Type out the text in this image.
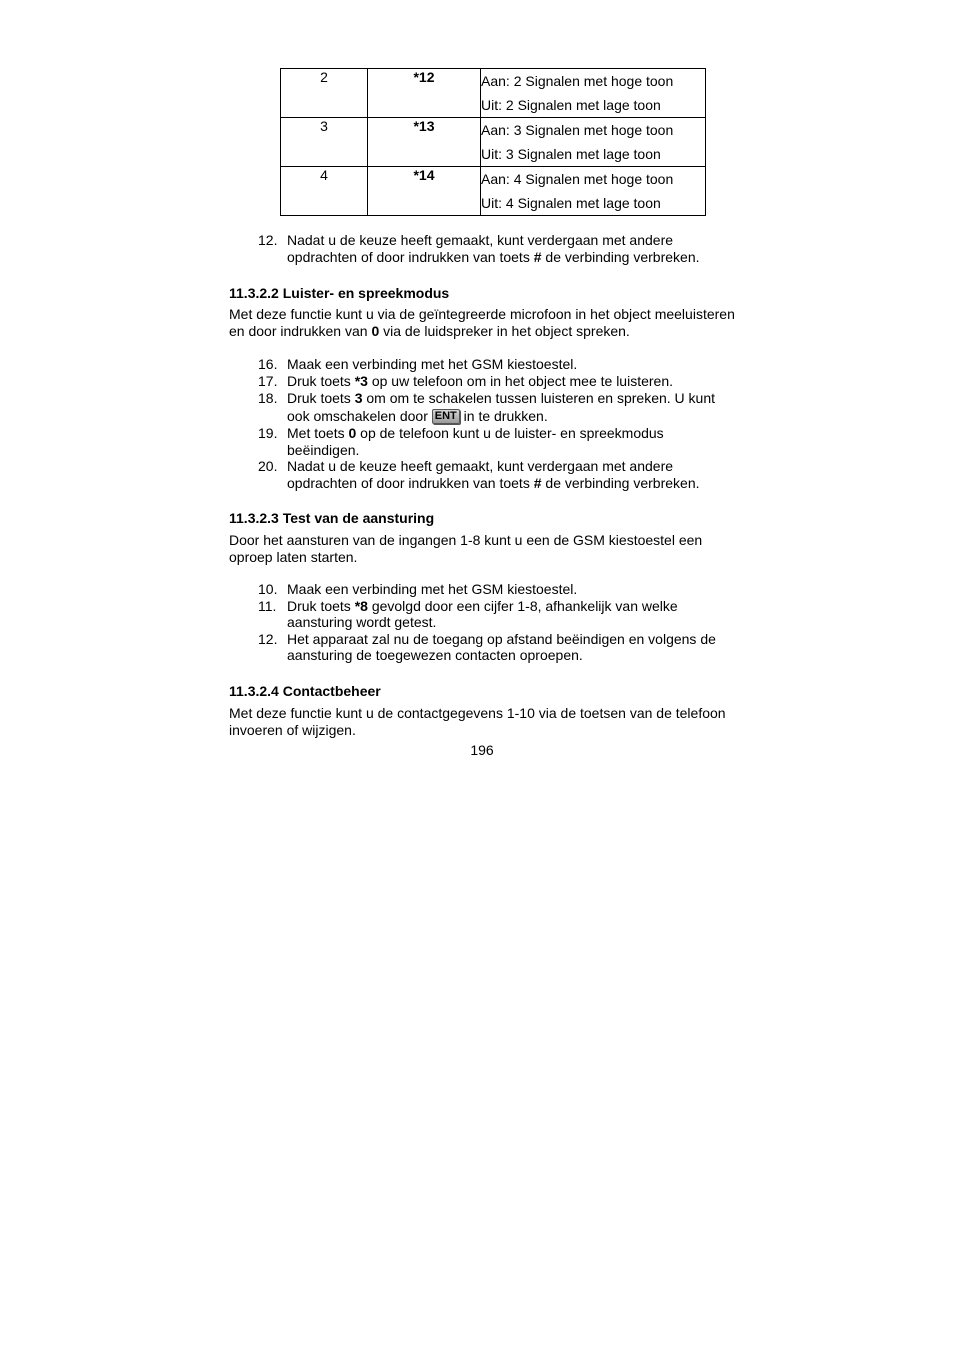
2	*12	Aan: 2 Signalen met hoge toon
Uit: 2 Signalen met lage toon

3	*13	Aan: 3 Signalen met hoge toon
Uit: 3 Signalen met lage toon

4	*14	Aan: 4 Signalen met hoge toon
Uit: 4 Signalen met lage toon
12. Nadat u de keuze heeft gemaakt, kunt verdergaan met andere opdrachten of door indrukken van toets # de verbinding verbreken.
11.3.2.2 Luister- en spreekmodus
Met deze functie kunt u via de geïntegreerde microfoon in het object meeluisteren en door indrukken van 0 via de luidspreker in het object spreken.
16. Maak een verbinding met het GSM kiestoestel.
17. Druk toets *3 op uw telefoon om in het object mee te luisteren.
18. Druk toets 3 om om te schakelen tussen luisteren en spreken. U kunt ook omschakelen door ENT in te drukken.
19. Met toets 0 op de telefoon kunt u de luister- en spreekmodus beëindigen.
20. Nadat u de keuze heeft gemaakt, kunt verdergaan met andere opdrachten of door indrukken van toets # de verbinding verbreken.
11.3.2.3 Test van de aansturing
Door het aansturen van de ingangen 1-8 kunt u een de GSM kiestoestel een oproep laten starten.
10. Maak een verbinding met het GSM kiestoestel.
11. Druk toets *8 gevolgd door een cijfer 1-8, afhankelijk van welke aansturing wordt getest.
12. Het apparaat zal nu de toegang op afstand beëindigen en volgens de aansturing de toegewezen contacten oproepen.
11.3.2.4 Contactbeheer
Met deze functie kunt u de contactgegevens 1-10 via de toetsen van de telefoon invoeren of wijzigen.
196
